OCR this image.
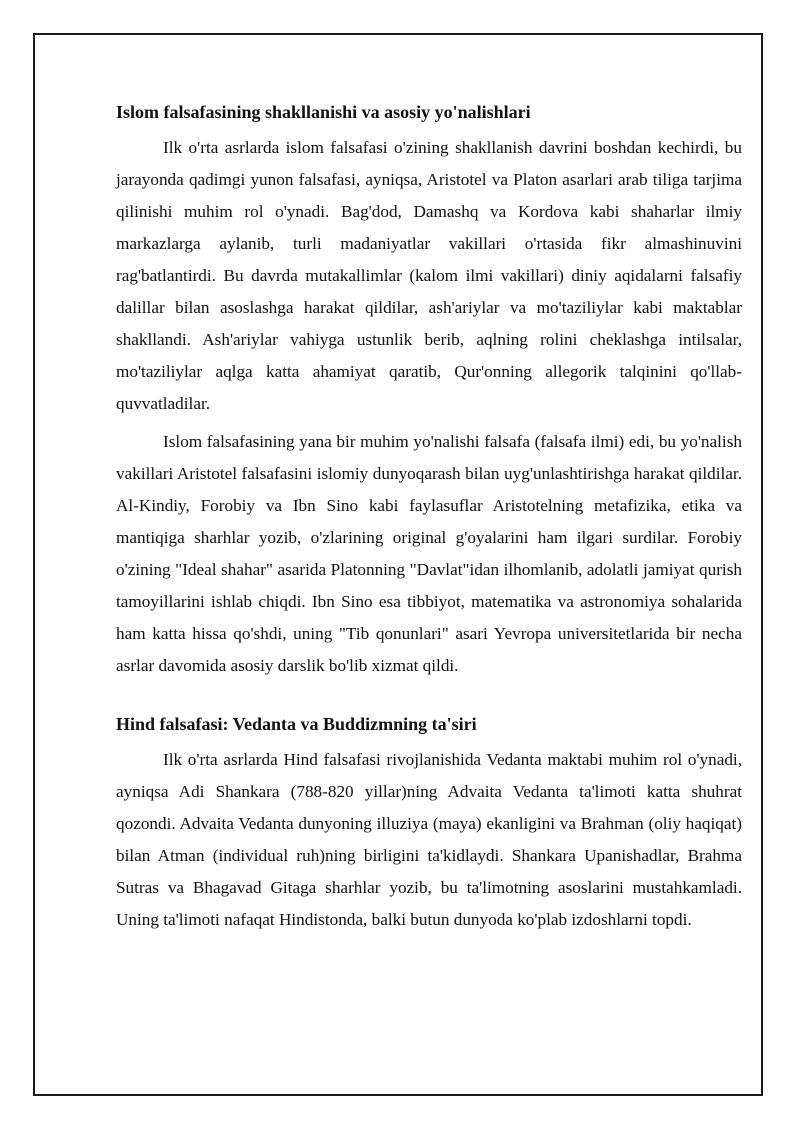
Islom falsafasining shakllanishi va asosiy yo'nalishlari

Ilk o'rta asrlarda islom falsafasi o'zining shakllanish davrini boshdan kechirdi, bu jarayonda qadimgi yunon falsafasi, ayniqsa, Aristotel va Platon asarlari arab tiliga tarjima qilinishi muhim rol o'ynadi. Bag'dod, Damashq va Kordova kabi shaharlar ilmiy markazlarga aylanib, turli madaniyatlar vakillari o'rtasida fikr almashinuvini rag'batlantirdi. Bu davrda mutakallimlar (kalom ilmi vakillari) diniy aqidalarni falsafiy dalillar bilan asoslashga harakat qildilar, ash'ariylar va mo'taziliylar kabi maktablar shakllandi. Ash'ariylar vahiyga ustunlik berib, aqlning rolini cheklashga intilsalar, mo'taziliylar aqlga katta ahamiyat qaratib, Qur'onning allegorik talqinini qo'llab-quvvatladilar.

Islom falsafasining yana bir muhim yo'nalishi falsafa (falsafa ilmi) edi, bu yo'nalish vakillari Aristotel falsafasini islomiy dunyoqarash bilan uyg'unlashtirishga harakat qildilar. Al-Kindiy, Forobiy va Ibn Sino kabi faylasuflar Aristotelning metafizika, etika va mantiqiga sharhlar yozib, o'zlarining original g'oyalarini ham ilgari surdilar. Forobiy o'zining "Ideal shahar" asarida Platonning "Davlat"idan ilhomlanib, adolatli jamiyat qurish tamoyillarini ishlab chiqdi. Ibn Sino esa tibbiyot, matematika va astronomiya sohalarida ham katta hissa qo'shdi, uning "Tib qonunlari" asari Yevropa universitetlarida bir necha asrlar davomida asosiy darslik bo'lib xizmat qildi.

Hind falsafasi: Vedanta va Buddizmning ta'siri

Ilk o'rta asrlarda Hind falsafasi rivojlanishida Vedanta maktabi muhim rol o'ynadi, ayniqsa Adi Shankara (788-820 yillar)ning Advaita Vedanta ta'limoti katta shuhrat qozondi. Advaita Vedanta dunyoning illuziya (maya) ekanligini va Brahman (oliy haqiqat) bilan Atman (individual ruh)ning birligini ta'kidlaydi. Shankara Upanishadlar, Brahma Sutras va Bhagavad Gitaga sharhlar yozib, bu ta'limotning asoslarini mustahkamladi. Uning ta'limoti nafaqat Hindistonda, balki butun dunyoda ko'plab izdoshlarni topdi.
